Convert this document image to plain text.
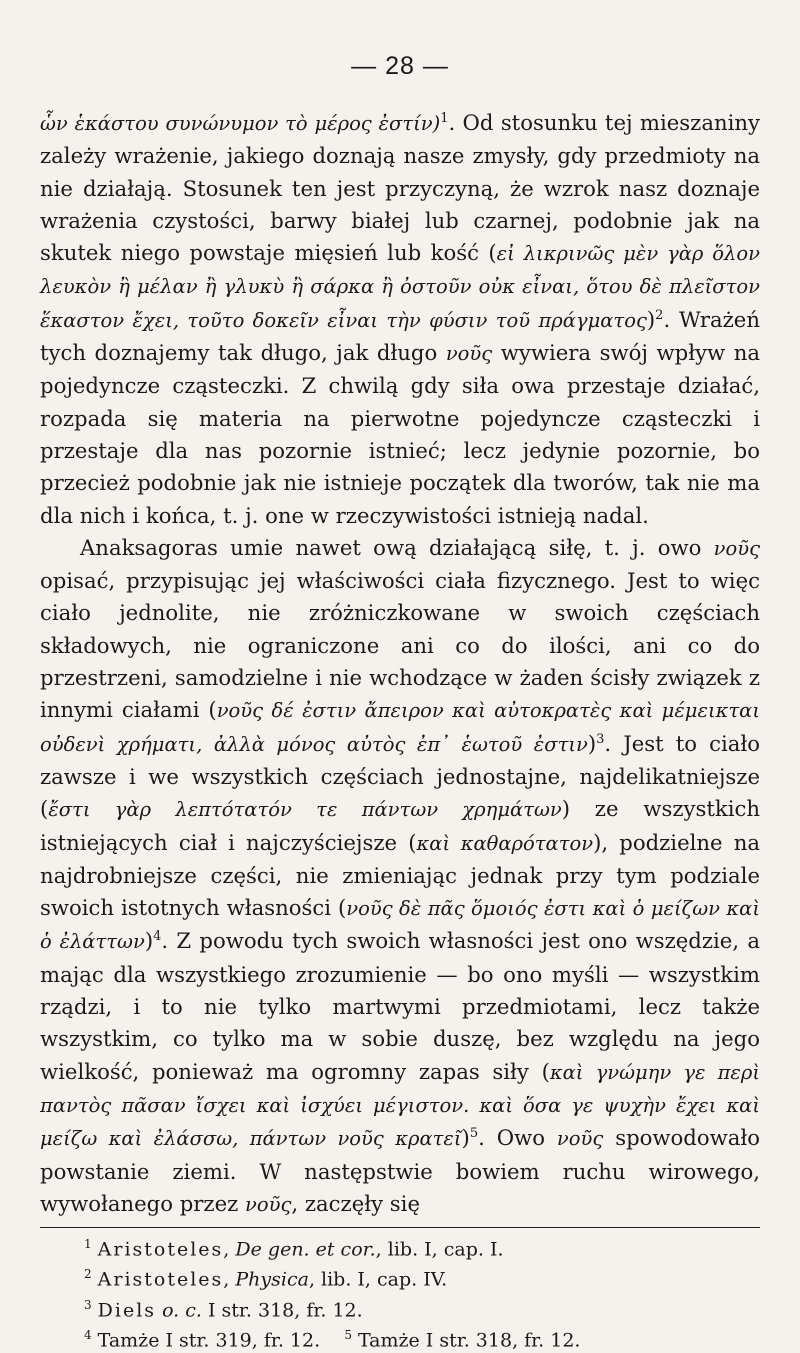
— 28 —

ὧν ἑκάστου συνώνυμον τὸ μέρος ἐστίν)$^1$. Od stosunku tej mieszaniny zależy wrażenie, jakiego doznają nasze zmysły, gdy przedmioty na nie działają. Stosunek ten jest przyczyną, że wzrok nasz doznaje wrażenia czystości, barwy białej lub czarnej, podobnie jak na skutek niego powstaje mięsień lub kość (εἰ λικρινῶς μὲν γὰρ ὅλον λευκὸν ἢ μέλαν ἢ γλυκὺ ἢ σάρκα ἢ ὀστοῦν οὐκ εἶναι, ὅτου δὲ πλεῖστον ἕκαστον ἔχει, τοῦτο δοκεῖν εἶναι τὴν φύσιν τοῦ πράγματος)$^2$. Wrażeń tych doznajemy tak długo, jak długo νοῦς wywiera swój wpływ na pojedyncze cząsteczki. Z chwilą gdy siła owa przestaje działać, rozpada się materia na pierwotne pojedyncze cząsteczki i przestaje dla nas pozornie istnieć; lecz jedynie pozornie, bo przecież podobnie jak nie istnieje początek dla tworów, tak nie ma dla nich i końca, t. j. one w rzeczywistości istnieją nadal.

Anaksagoras umie nawet ową działającą siłę, t. j. owo νοῦς opisać, przypisując jej właściwości ciała fizycznego. Jest to więc ciało jednolite, nie zróżniczkowane w swoich częściach składowych, nie ograniczone ani co do ilości, ani co do przestrzeni, samodzielne i nie wchodzące w żaden ścisły związek z innymi ciałami (νοῦς δέ ἐστιν ἄπειρον καὶ αὐτοκρατὲς καὶ μέμεικται οὐδενὶ χρήματι, ἀλλὰ μόνος αὐτὸς ἐπ᾽ ἑωτοῦ ἐστιν)$^3$. Jest to ciało zawsze i we wszystkich częściach jednostajne, najdelikatniejsze (ἔστι γὰρ λεπτότατόν τε πάντων χρημάτων) ze wszystkich istniejących ciał i najczyściejsze (καὶ καθαρότατον), podzielne na najdrobniejsze części, nie zmieniając jednak przy tym podziale swoich istotnych własności (νοῦς δὲ πᾶς ὅμοιός ἐστι καὶ ὁ μείζων καὶ ὁ ἐλάττων)$^4$. Z powodu tych swoich własności jest ono wszędzie, a mając dla wszystkiego zrozumienie — bo ono myśli — wszystkim rządzi, i to nie tylko martwymi przedmiotami, lecz także wszystkim, co tylko ma w sobie duszę, bez względu na jego wielkość, ponieważ ma ogromny zapas siły (καὶ γνώμην γε περὶ παντὸς πᾶσαν ἴσχει καὶ ἰσχύει μέγιστον. καὶ ὅσα γε ψυχὴν ἔχει καὶ μείζω καὶ ἐλάσσω, πάντων νοῦς κρατεῖ)$^5$. Owo νοῦς spowodowało powstanie ziemi. W następstwie bowiem ruchu wirowego, wywołanego przez νοῦς, zaczęły się

$^1$ Aristoteles, De gen. et cor., lib. I, cap. I.
$^2$ Aristoteles, Physica, lib. I, cap. IV.
$^3$ Diels o. c. I str. 318, fr. 12.
$^4$ Tamże I str. 319, fr. 12. $^5$ Tamże I str. 318, fr. 12.
